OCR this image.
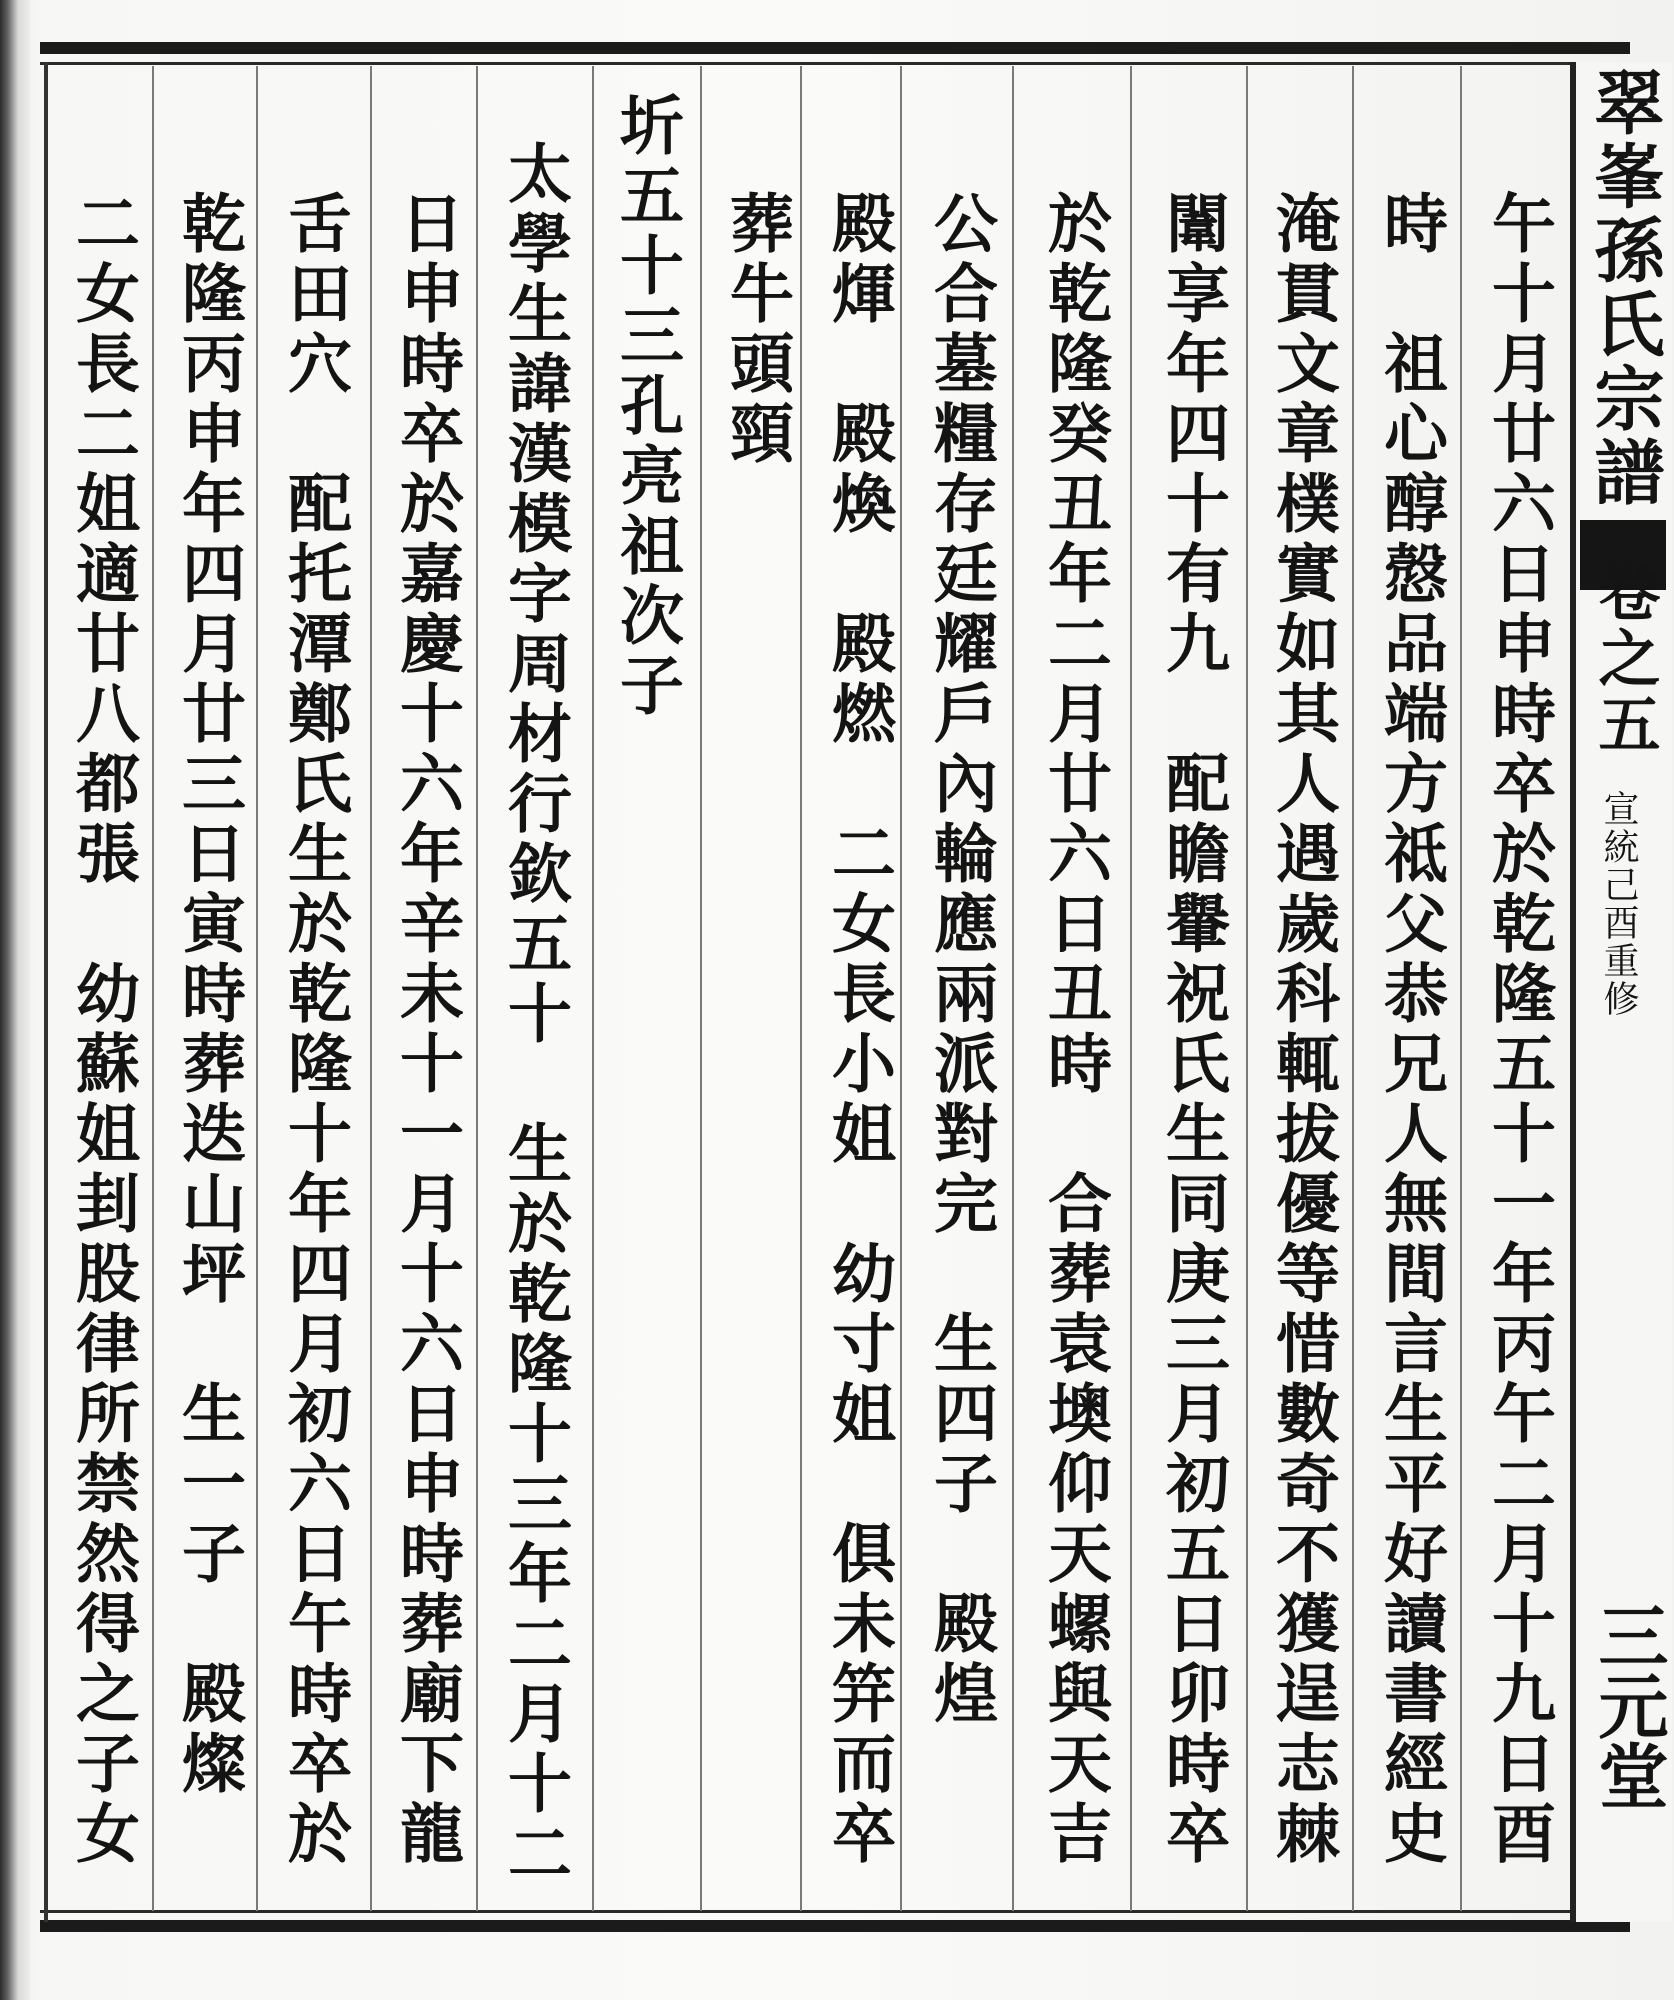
翠峯孫氏宗譜
卷之五
宣統己酉重修
三元堂
午十月廿六日申時卒於乾隆五十一年丙午二月十九日酉
時　祖心醇慤品端方祗父恭兄人無間言生平好讀書經史
淹貫文章樸實如其人遇歲科輒拔優等惜數奇不獲逞志棘
闈享年四十有九　配瞻轝祝氏生同庚三月初五日卯時卒
於乾隆癸丑年二月廿六日丑時　合葬袁墺仰天螺與天吉
公合墓糧存廷耀戶內輪應兩派對完　生四子　殿煌
殿煇　殿煥　殿燃　二女長小姐　幼寸姐　俱未笄而卒
葬牛頭頸
圻五十三孔亮祖次子
太學生諱漢模字周材行欽五十　生於乾隆十三年二月十二
日申時卒於嘉慶十六年辛未十一月十六日申時葬廟下龍
舌田穴　配托潭鄭氏生於乾隆十年四月初六日午時卒於
乾隆丙申年四月廿三日寅時葬迭山坪　生一子　殿燦
二女長二姐適廿八都張　幼蘇姐刲股律所禁然得之子女
